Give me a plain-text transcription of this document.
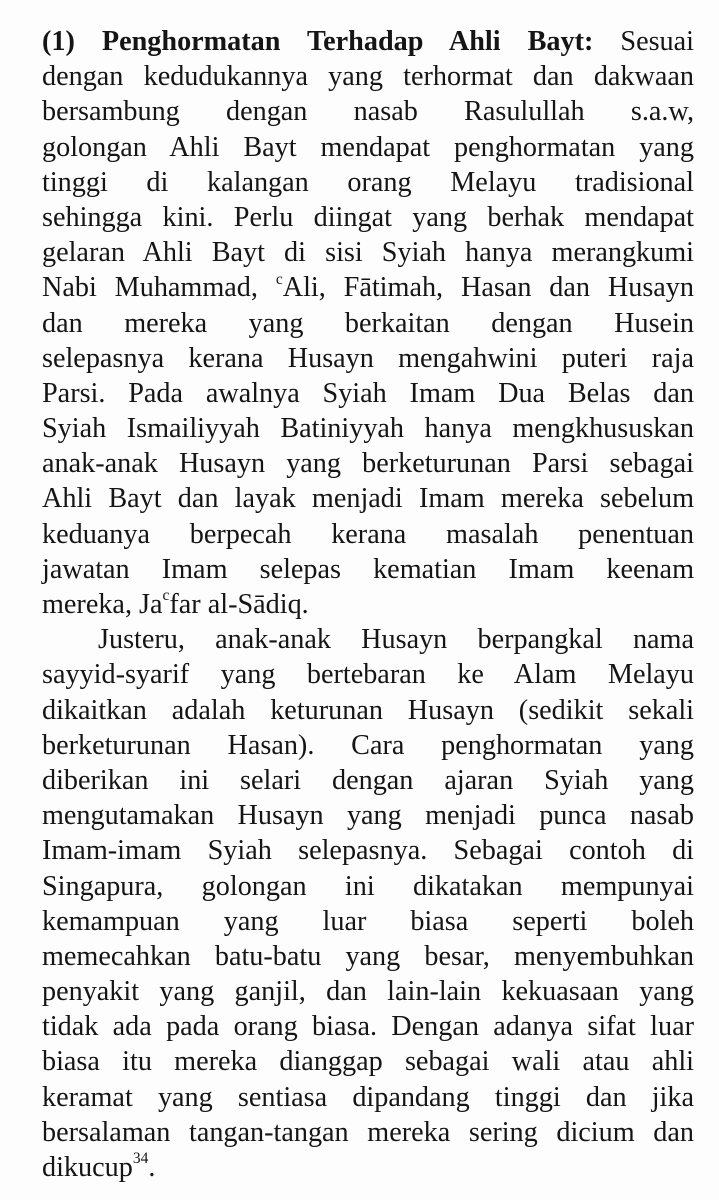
(1) Penghormatan Terhadap Ahli Bayt: Sesuai
dengan kedudukannya yang terhormat dan dakwaan
bersambung dengan nasab Rasulullah s.a.w,
golongan Ahli Bayt mendapat penghormatan yang
tinggi di kalangan orang Melayu tradisional
sehingga kini. Perlu diingat yang berhak mendapat
gelaran Ahli Bayt di sisi Syiah hanya merangkumi
Nabi Muhammad, $^c$Ali, Fātimah, Hasan dan Husayn
dan mereka yang berkaitan dengan Husein
selepasnya kerana Husayn mengahwini puteri raja
Parsi. Pada awalnya Syiah Imam Dua Belas dan
Syiah Ismailiyyah Batiniyyah hanya mengkhususkan
anak-anak Husayn yang berketurunan Parsi sebagai
Ahli Bayt dan layak menjadi Imam mereka sebelum
keduanya berpecah kerana masalah penentuan
jawatan Imam selepas kematian Imam keenam
mereka, Ja$^c$far al-Sādiq.
Justeru, anak-anak Husayn berpangkal nama
sayyid-syarif yang bertebaran ke Alam Melayu
dikaitkan adalah keturunan Husayn (sedikit sekali
berketurunan Hasan). Cara penghormatan yang
diberikan ini selari dengan ajaran Syiah yang
mengutamakan Husayn yang menjadi punca nasab
Imam-imam Syiah selepasnya. Sebagai contoh di
Singapura, golongan ini dikatakan mempunyai
kemampuan yang luar biasa seperti boleh
memecahkan batu-batu yang besar, menyembuhkan
penyakit yang ganjil, dan lain-lain kekuasaan yang
tidak ada pada orang biasa. Dengan adanya sifat luar
biasa itu mereka dianggap sebagai wali atau ahli
keramat yang sentiasa dipandang tinggi dan jika
bersalaman tangan-tangan mereka sering dicium dan
dikucup$^{34}$.
